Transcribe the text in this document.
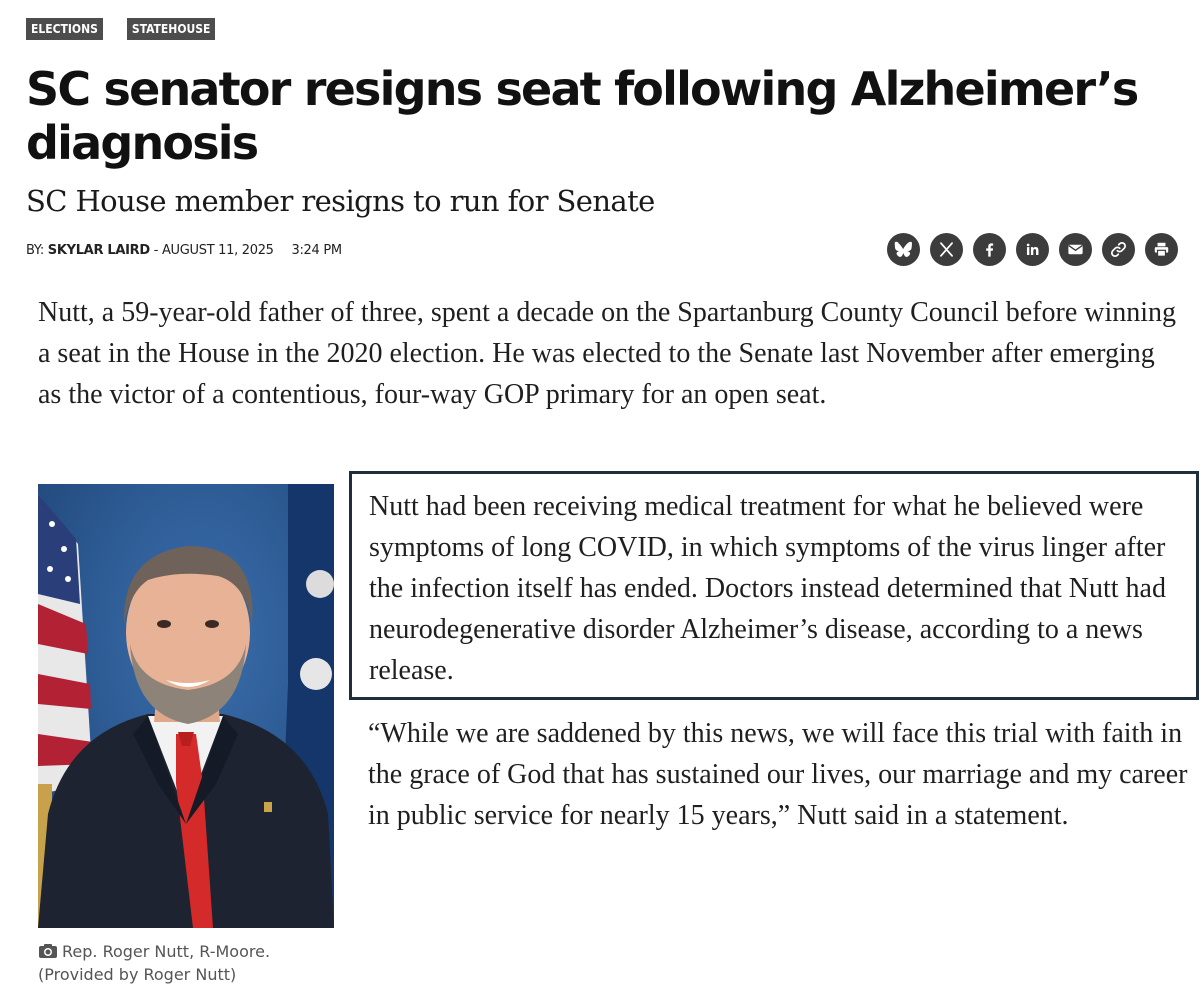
ELECTIONS	STATEHOUSE
SC senator resigns seat following Alzheimer’s diagnosis
SC House member resigns to run for Senate
BY: SKYLAR LAIRD - AUGUST 11, 2025 3:24 PM

Nutt, a 59-year-old father of three, spent a decade on the Spartanburg County Council before winning a seat in the House in the 2020 election. He was elected to the Senate last November after emerging as the victor of a contentious, four-way GOP primary for an open seat.

Rep. Roger Nutt, R-Moore.
(Provided by Roger Nutt)

Nutt had been receiving medical treatment for what he believed were symptoms of long COVID, in which symptoms of the virus linger after the infection itself has ended. Doctors instead determined that Nutt had neurodegenerative disorder Alzheimer’s disease, according to a news release.

“While we are saddened by this news, we will face this trial with faith in the grace of God that has sustained our lives, our marriage and my career in public service for nearly 15 years,” Nutt said in a statement.
